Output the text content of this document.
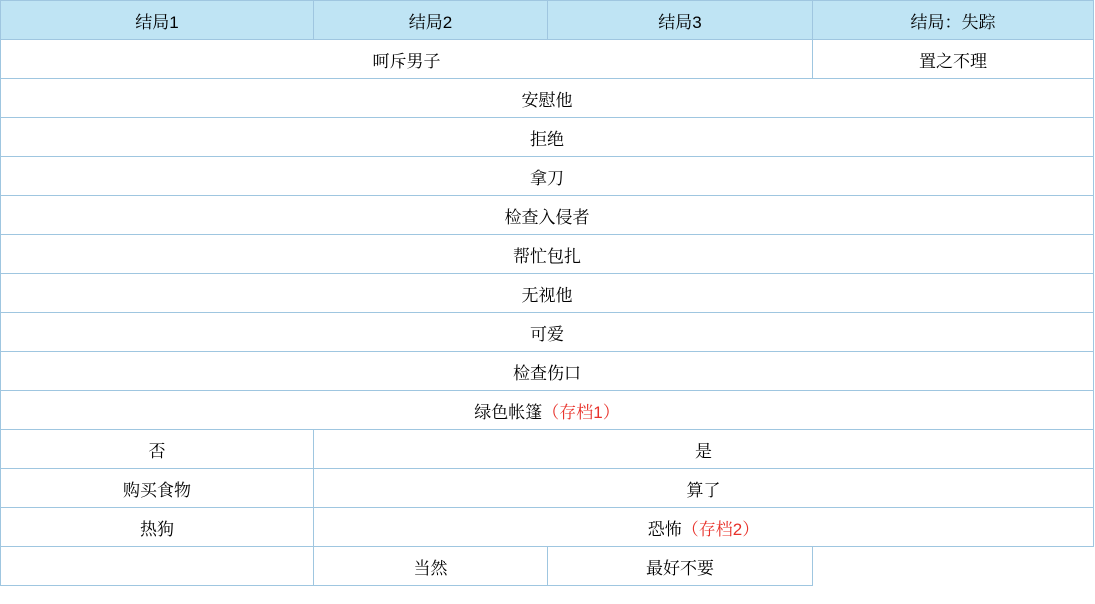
结局1	结局2	结局3	结局：失踪
呵斥男子			置之不理
安慰他			
拒绝			
拿刀			
检查入侵者			
帮忙包扎			
无视他			
可爱			
检查伤口			
绿色帐篷（存档1）			
否	是		
购买食物	算了		
热狗	恐怖（存档2）		
	当然	最好不要	
